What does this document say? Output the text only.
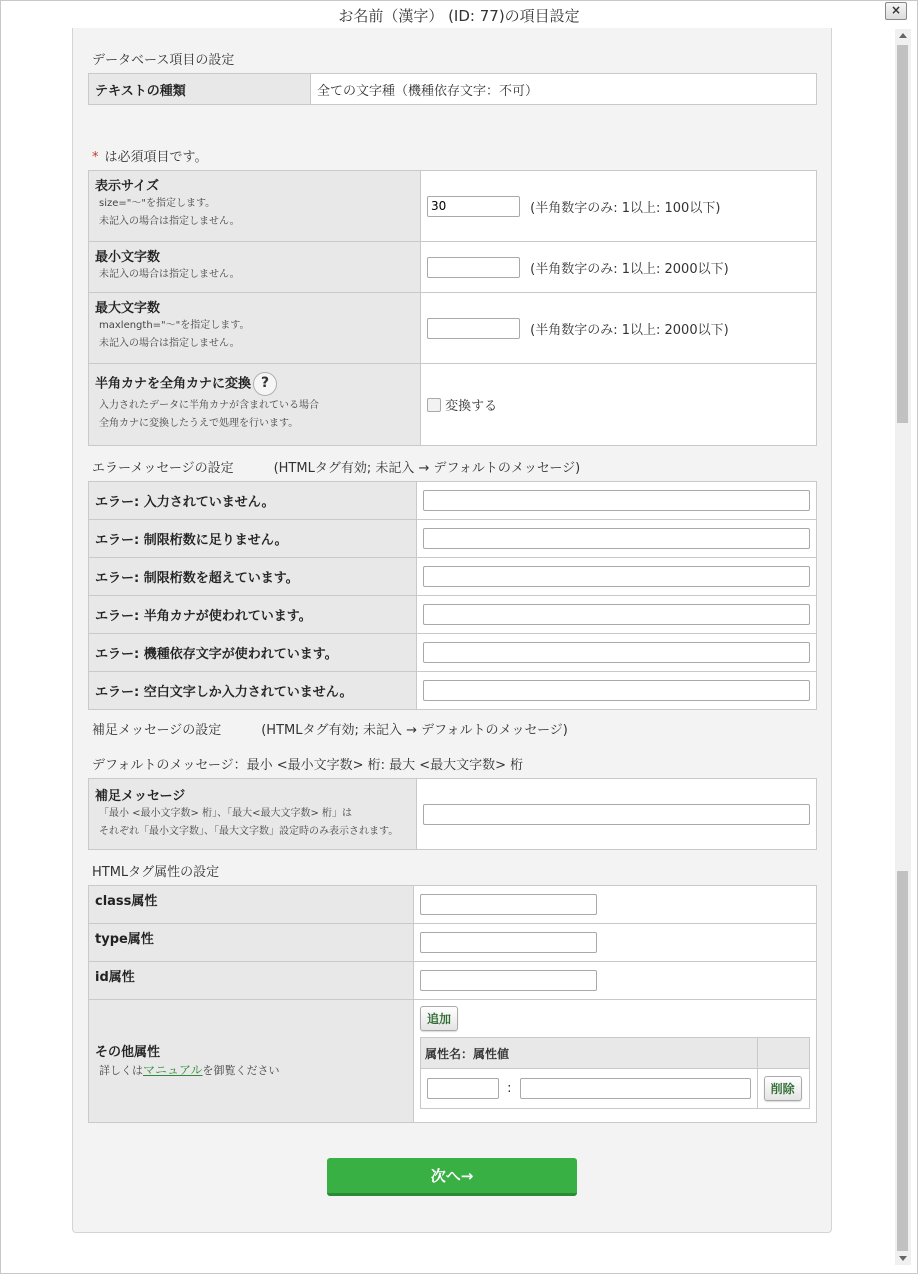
お名前（漢字） (ID: 77)の項目設定	×
データベース項目の設定
テキストの種類	全ての文字種（機種依存文字：不可）
* は必須項目です。
表示サイズ
size="～"を指定します。
未記入の場合は指定しません。
	30 (半角数字のみ: 1以上: 100以下)

最小文字数
未記入の場合は指定しません。	(半角数字のみ: 1以上: 2000以下)

最大文字数
maxlength="～"を指定します。
未記入の場合は指定しません。	(半角数字のみ: 1以上: 2000以下)

半角カナを全角カナに変換 ?
入力されたデータに半角カナが含まれている場合
全角カナに変換したうえで処理を行います。	変換する
エラーメッセージの設定	(HTMLタグ有効; 未記入 → デフォルトのメッセージ)
エラー: 入力されていません。

エラー: 制限桁数に足りません。

エラー: 制限桁数を超えています。

エラー: 半角カナが使われています。

エラー: 機種依存文字が使われています。

エラー: 空白文字しか入力されていません。

補足メッセージの設定	(HTMLタグ有効; 未記入 → デフォルトのメッセージ)
デフォルトのメッセージ：最小 <最小文字数> 桁: 最大 <最大文字数> 桁
補足メッセージ
「最小 <最小文字数> 桁」、「最大<最大文字数> 桁」は
それぞれ「最小文字数」、「最大文字数」設定時のみ表示されます。

HTMLタグ属性の設定
class属性

type属性

id属性

その他属性
詳しくはマニュアルを御覧ください
	追加
属性名：属性値	
:	削除
次へ→
